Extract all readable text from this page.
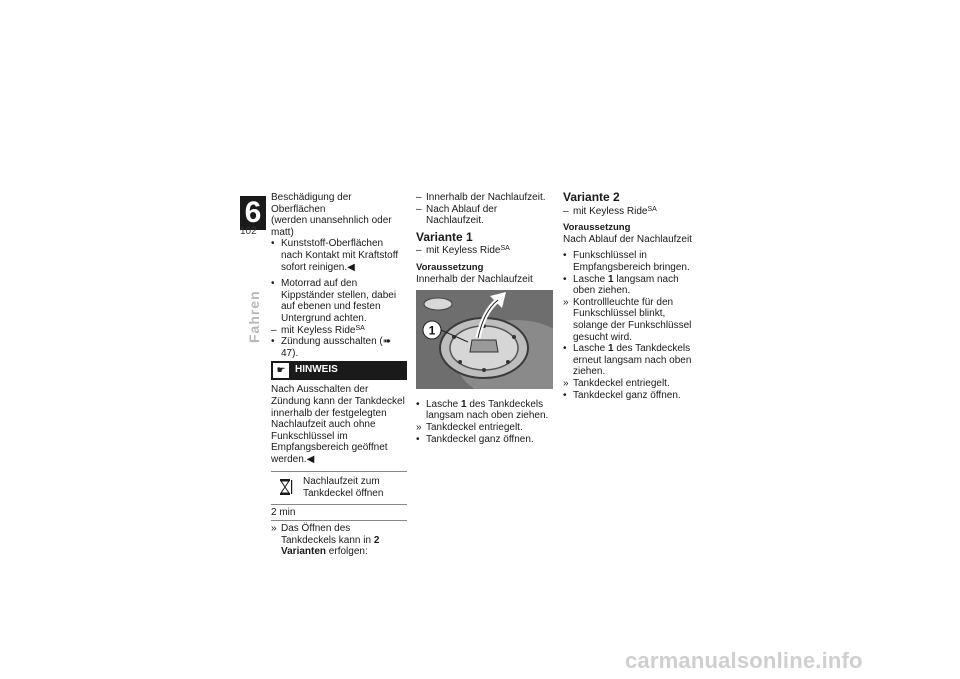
6
102
Fahren

Beschädigung der Oberflächen

(werden unansehnlich oder matt)

• Kunststoff-Oberflächen nach Kontakt mit Kraftstoff sofort reinigen.◀
• Motorrad auf den Kippständer stellen, dabei auf ebenen und festen Untergrund achten.
– mit Keyless Ride$^{SA}$
• Zündung ausschalten (➠ 47).
☛ HINWEIS

Nach Ausschalten der Zündung kann der Tankdeckel innerhalb der festgelegten Nachlaufzeit auch ohne Funkschlüssel im Empfangsbereich geöffnet werden.◀

Nachlaufzeit zum Tankdeckel öffnen
2 min
» Das Öffnen des Tankdeckels kann in 2 Varianten erfolgen:
– Innerhalb der Nachlaufzeit.
– Nach Ablauf der Nachlaufzeit.
Variante 1
– mit Keyless Ride$^{SA}$

Voraussetzung

Innerhalb der Nachlaufzeit

1
• Lasche 1 des Tankdeckels langsam nach oben ziehen.
» Tankdeckel entriegelt.
• Tankdeckel ganz öffnen.
Variante 2
– mit Keyless Ride$^{SA}$

Voraussetzung

Nach Ablauf der Nachlaufzeit

• Funkschlüssel in Empfangsbereich bringen.
• Lasche 1 langsam nach oben ziehen.
» Kontrollleuchte für den Funkschlüssel blinkt, solange der Funkschlüssel gesucht wird.
• Lasche 1 des Tankdeckels erneut langsam nach oben ziehen.
» Tankdeckel entriegelt.
• Tankdeckel ganz öffnen.
carmanualsonline.info
